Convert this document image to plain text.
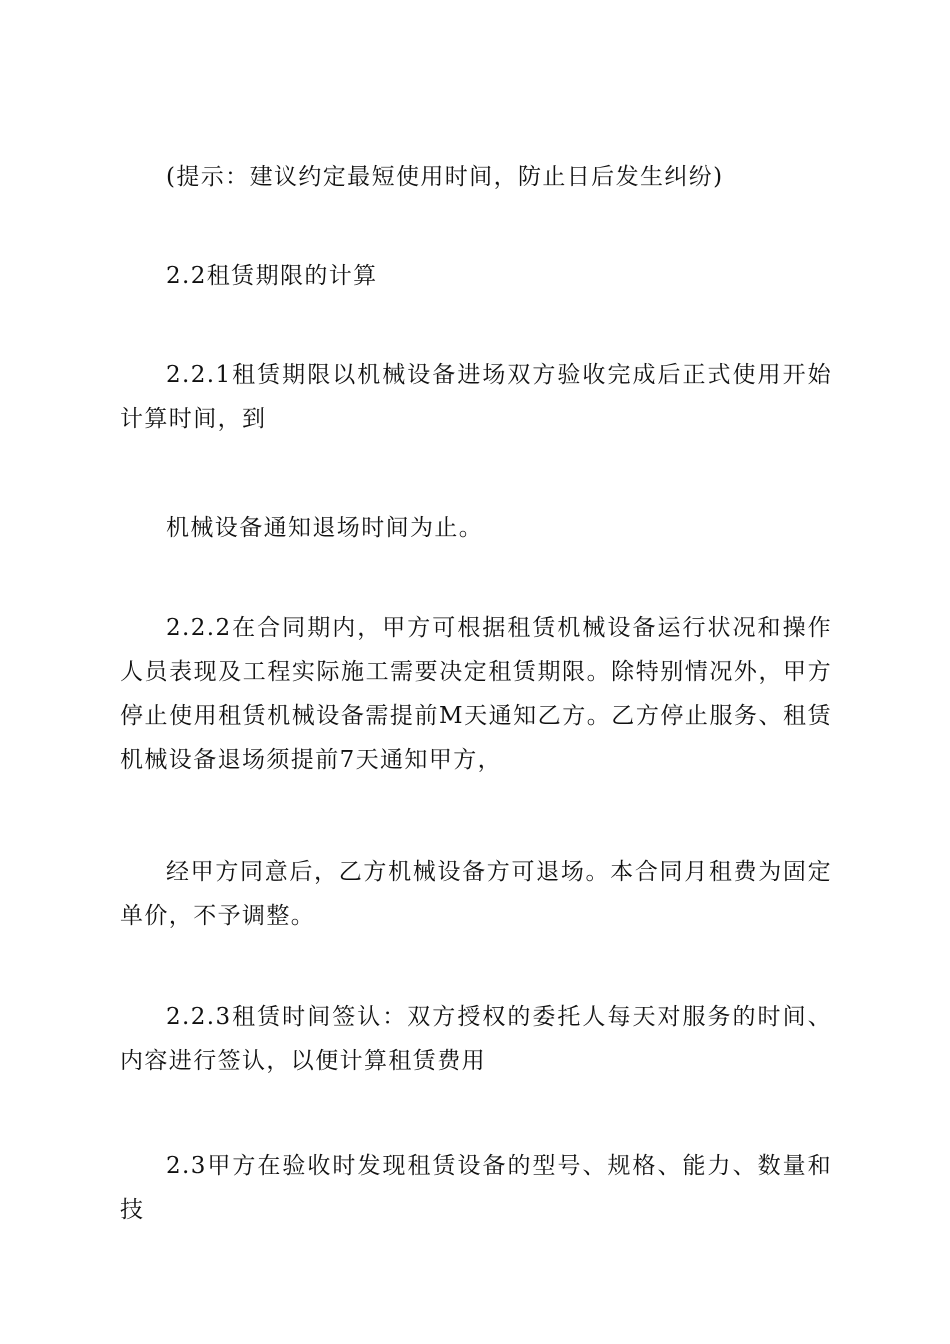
(提示：建议约定最短使用时间，防止日后发生纠纷)

2.2租赁期限的计算

2.2.1租赁期限以机械设备进场双方验收完成后正式使用开始计算时间，到

机械设备通知退场时间为止。

2.2.2在合同期内，甲方可根据租赁机械设备运行状况和操作人员表现及工程实际施工需要决定租赁期限。除特别情况外，甲方停止使用租赁机械设备需提前M天通知乙方。乙方停止服务、租赁机械设备退场须提前7天通知甲方，

经甲方同意后，乙方机械设备方可退场。本合同月租费为固定单价，不予调整。

2.2.3租赁时间签认：双方授权的委托人每天对服务的时间、内容进行签认，以便计算租赁费用

2.3甲方在验收时发现租赁设备的型号、规格、能力、数量和技
